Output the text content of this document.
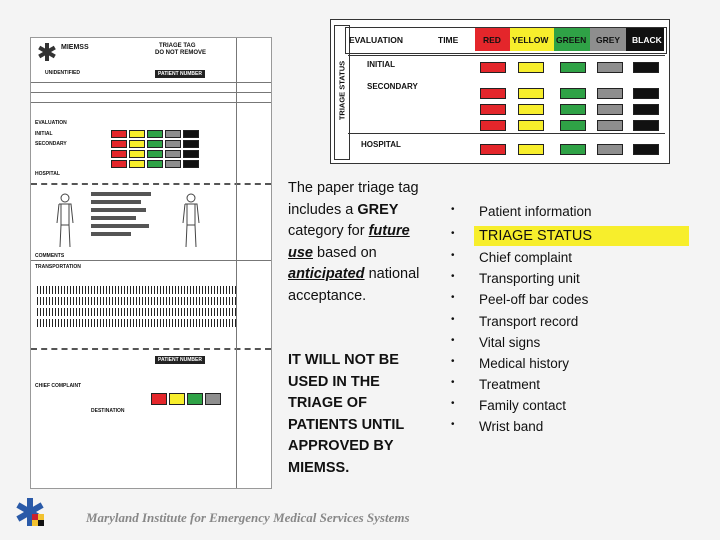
MIEMSS	TRIAGE TAG
DO NOT REMOVE
UNIDENTIFIED	PATIENT NUMBER
EVALUATION
INITIAL
SECONDARY
HOSPITAL
COMMENTS
TRANSPORTATION
PATIENT NUMBER
CHIEF COMPLAINT
DESTINATION
TRIAGE STATUS
EVALUATION	TIME	RED YELLOW GREEN GREY BLACK
INITIAL
SECONDARY
HOSPITAL
The paper triage tag includes a GREY category for future use based on anticipated national acceptance.
IT WILL NOT BE USED IN THE TRIAGE OF PATIENTS UNTIL APPROVED BY MIEMSS.
• Patient information
• TRIAGE STATUS
• Chief complaint
• Transporting unit
• Peel-off bar codes
• Transport record
• Vital signs
• Medical history
• Treatment
• Family contact
• Wrist band
Maryland Institute for Emergency Medical Services Systems
